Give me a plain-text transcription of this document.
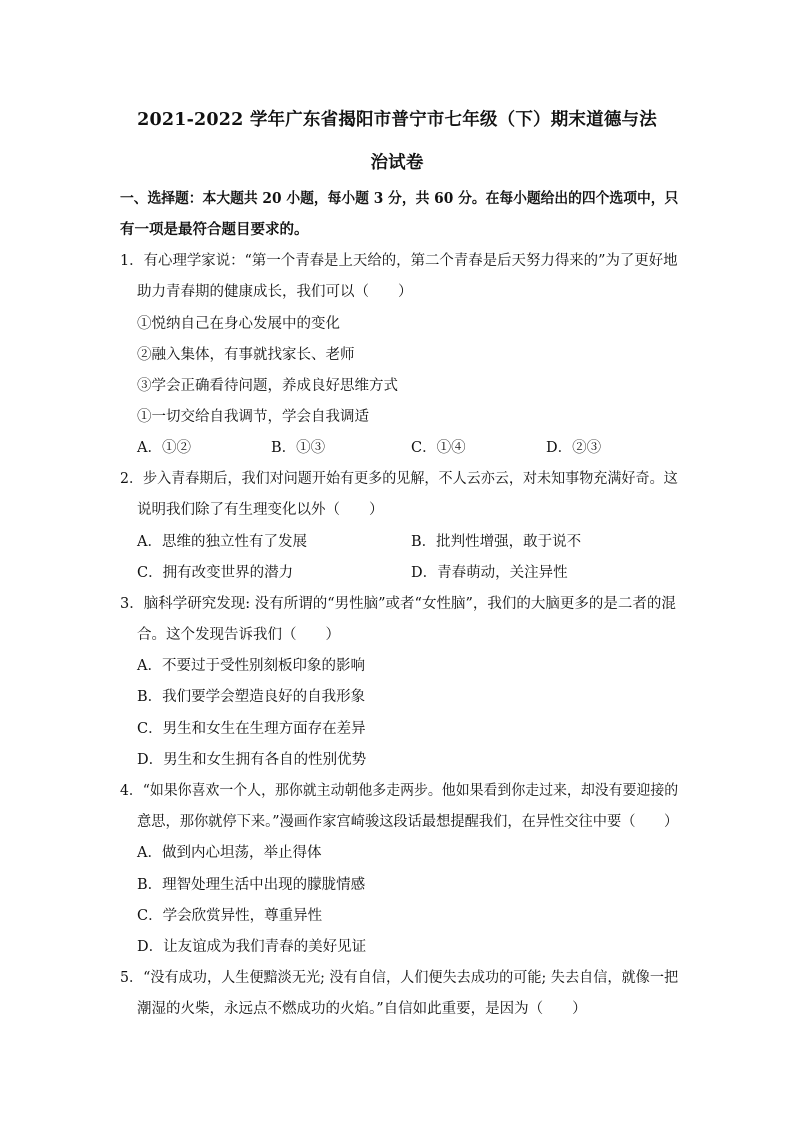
2021-2022 学年广东省揭阳市普宁市七年级（下）期末道德与法
治试卷
一、选择题：本大题共 20 小题，每小题 3 分，共 60 分。在每小题给出的四个选项中，只
有一项是最符合题目要求的。
1．有心理学家说：“第一个青春是上天给的，第二个青春是后天努力得来的”为了更好地
助力青春期的健康成长，我们可以（　　）
①悦纳自己在身心发展中的变化
②融入集体，有事就找家长、老师
③学会正确看待问题，养成良好思维方式
①一切交给自我调节，学会自我调适
A．①②	B．①③	C．①④	D．②③
2．步入青春期后，我们对问题开始有更多的见解，不人云亦云，对未知事物充满好奇。这
说明我们除了有生理变化以外（　　）
A．思维的独立性有了发展	B．批判性增强，敢于说不
C．拥有改变世界的潜力	D．青春萌动，关注异性
3．脑科学研究发现: 没有所谓的“男性脑”或者“女性脑”，我们的大脑更多的是二者的混
合。这个发现告诉我们（　　）
A．不要过于受性别刻板印象的影响
B．我们要学会塑造良好的自我形象
C．男生和女生在生理方面存在差异
D．男生和女生拥有各自的性别优势
4．“如果你喜欢一个人，那你就主动朝他多走两步。他如果看到你走过来，却没有要迎接的
意思，那你就停下来。”漫画作家宫崎骏这段话最想提醒我们，在异性交往中要（　　）
A．做到内心坦荡，举止得体
B．理智处理生活中出现的朦胧情感
C．学会欣赏异性，尊重异性
D．让友谊成为我们青春的美好见证
5．“没有成功，人生便黯淡无光; 没有自信，人们便失去成功的可能; 失去自信，就像一把
潮湿的火柴，永远点不燃成功的火焰。”自信如此重要，是因为（　　）
